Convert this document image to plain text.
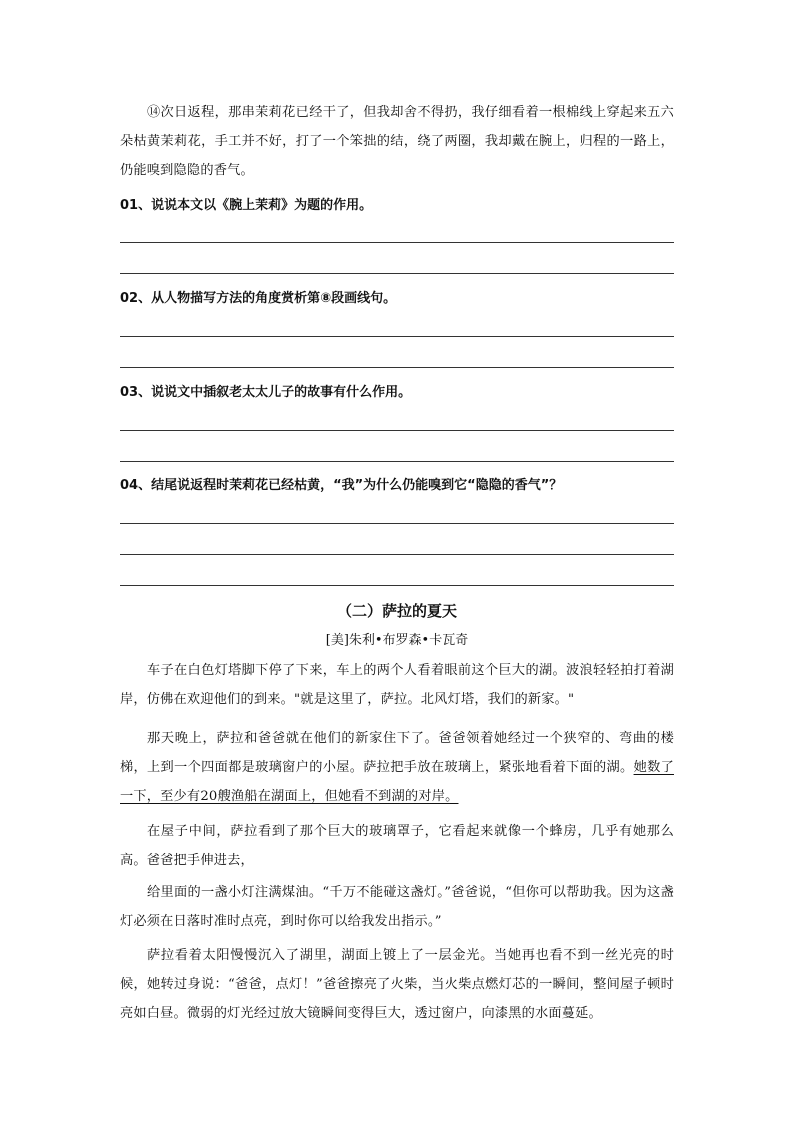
⑭次日返程，那串茉莉花已经干了，但我却舍不得扔，我仔细看着一根棉线上穿起来五六朵枯黄茉莉花，手工并不好，打了一个笨拙的结，绕了两圈，我却戴在腕上，归程的一路上，仍能嗅到隐隐的香气。

01、说说本文以《腕上茉莉》为题的作用。

02、从人物描写方法的角度赏析第⑧段画线句。

03、说说文中插叙老太太儿子的故事有什么作用。

04、结尾说返程时茉莉花已经枯黄，“我”为什么仍能嗅到它“隐隐的香气”？

（二）萨拉的夏天

[美]朱利•布罗森•卡瓦奇

车子在白色灯塔脚下停了下来，车上的两个人看着眼前这个巨大的湖。波浪轻轻拍打着湖岸，仿佛在欢迎他们的到来。"就是这里了，萨拉。北风灯塔，我们的新家。"

那天晚上，萨拉和爸爸就在他们的新家住下了。爸爸领着她经过一个狭窄的、弯曲的楼梯，上到一个四面都是玻璃窗户的小屋。萨拉把手放在玻璃上，紧张地看着下面的湖。她数了一下，至少有20艘渔船在湖面上，但她看不到湖的对岸。

在屋子中间，萨拉看到了那个巨大的玻璃罩子，它看起来就像一个蜂房，几乎有她那么高。爸爸把手伸进去，

给里面的一盏小灯注满煤油。“千万不能碰这盏灯。”爸爸说，“但你可以帮助我。因为这盏灯必须在日落时准时点亮，到时你可以给我发出指示。”

萨拉看着太阳慢慢沉入了湖里，湖面上镀上了一层金光。当她再也看不到一丝光亮的时候，她转过身说：“爸爸，点灯！”爸爸擦亮了火柴，当火柴点燃灯芯的一瞬间，整间屋子顿时亮如白昼。微弱的灯光经过放大镜瞬间变得巨大，透过窗户，向漆黑的水面蔓延。
